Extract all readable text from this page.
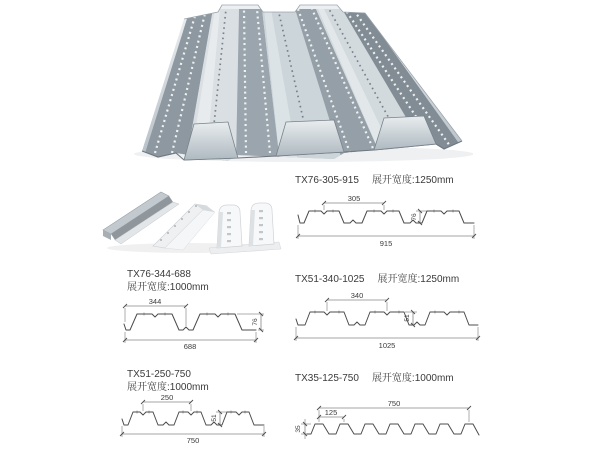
TX76-305-915 展开宽度:1250mm
TX76-344-688
展开宽度:1000mm
TX51-340-1025 展开宽度:1250mm
TX51-250-750
展开宽度:1000mm
TX35-125-750 展开宽度:1000mm
305
76
915
344
76
688
340
51
1025
250
51
750
750
125
35
